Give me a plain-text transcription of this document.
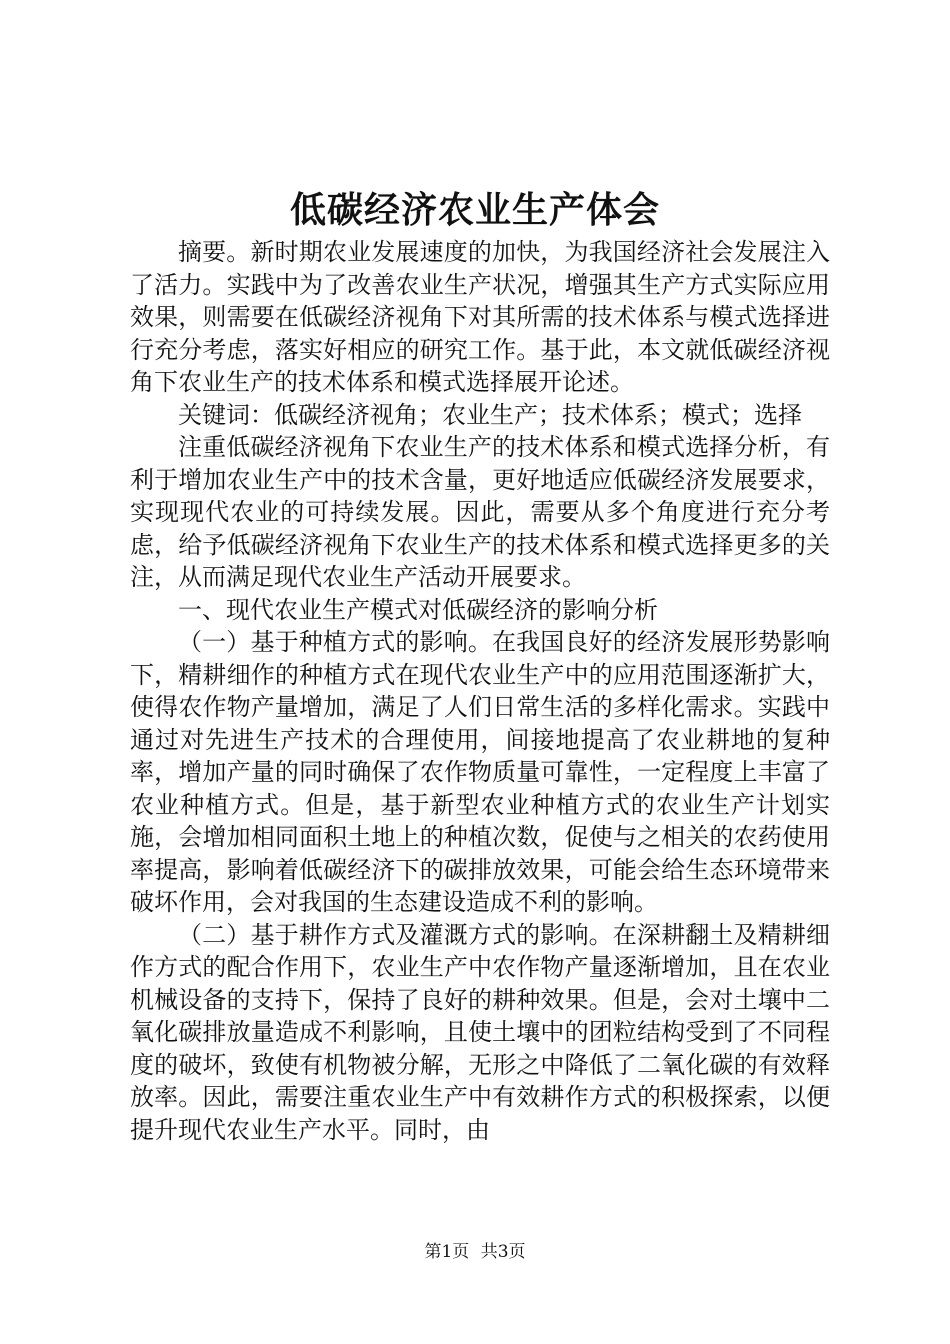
低碳经济农业生产体会

摘要。新时期农业发展速度的加快，为我国经济社会发展注入了活力。实践中为了改善农业生产状况，增强其生产方式实际应用效果，则需要在低碳经济视角下对其所需的技术体系与模式选择进行充分考虑，落实好相应的研究工作。基于此，本文就低碳经济视角下农业生产的技术体系和模式选择展开论述。

关键词：低碳经济视角；农业生产；技术体系；模式；选择

注重低碳经济视角下农业生产的技术体系和模式选择分析，有利于增加农业生产中的技术含量，更好地适应低碳经济发展要求，实现现代农业的可持续发展。因此，需要从多个角度进行充分考虑，给予低碳经济视角下农业生产的技术体系和模式选择更多的关注，从而满足现代农业生产活动开展要求。

一、现代农业生产模式对低碳经济的影响分析

（一）基于种植方式的影响。在我国良好的经济发展形势影响下，精耕细作的种植方式在现代农业生产中的应用范围逐渐扩大，使得农作物产量增加，满足了人们日常生活的多样化需求。实践中通过对先进生产技术的合理使用，间接地提高了农业耕地的复种率，增加产量的同时确保了农作物质量可靠性，一定程度上丰富了农业种植方式。但是，基于新型农业种植方式的农业生产计划实施，会增加相同面积土地上的种植次数，促使与之相关的农药使用率提高，影响着低碳经济下的碳排放效果，可能会给生态环境带来破坏作用，会对我国的生态建设造成不利的影响。

（二）基于耕作方式及灌溉方式的影响。在深耕翻土及精耕细作方式的配合作用下，农业生产中农作物产量逐渐增加，且在农业机械设备的支持下，保持了良好的耕种效果。但是，会对土壤中二氧化碳排放量造成不利影响，且使土壤中的团粒结构受到了不同程度的破坏，致使有机物被分解，无形之中降低了二氧化碳的有效释放率。因此，需要注重农业生产中有效耕作方式的积极探索，以便提升现代农业生产水平。同时，由

第1页 共3页
